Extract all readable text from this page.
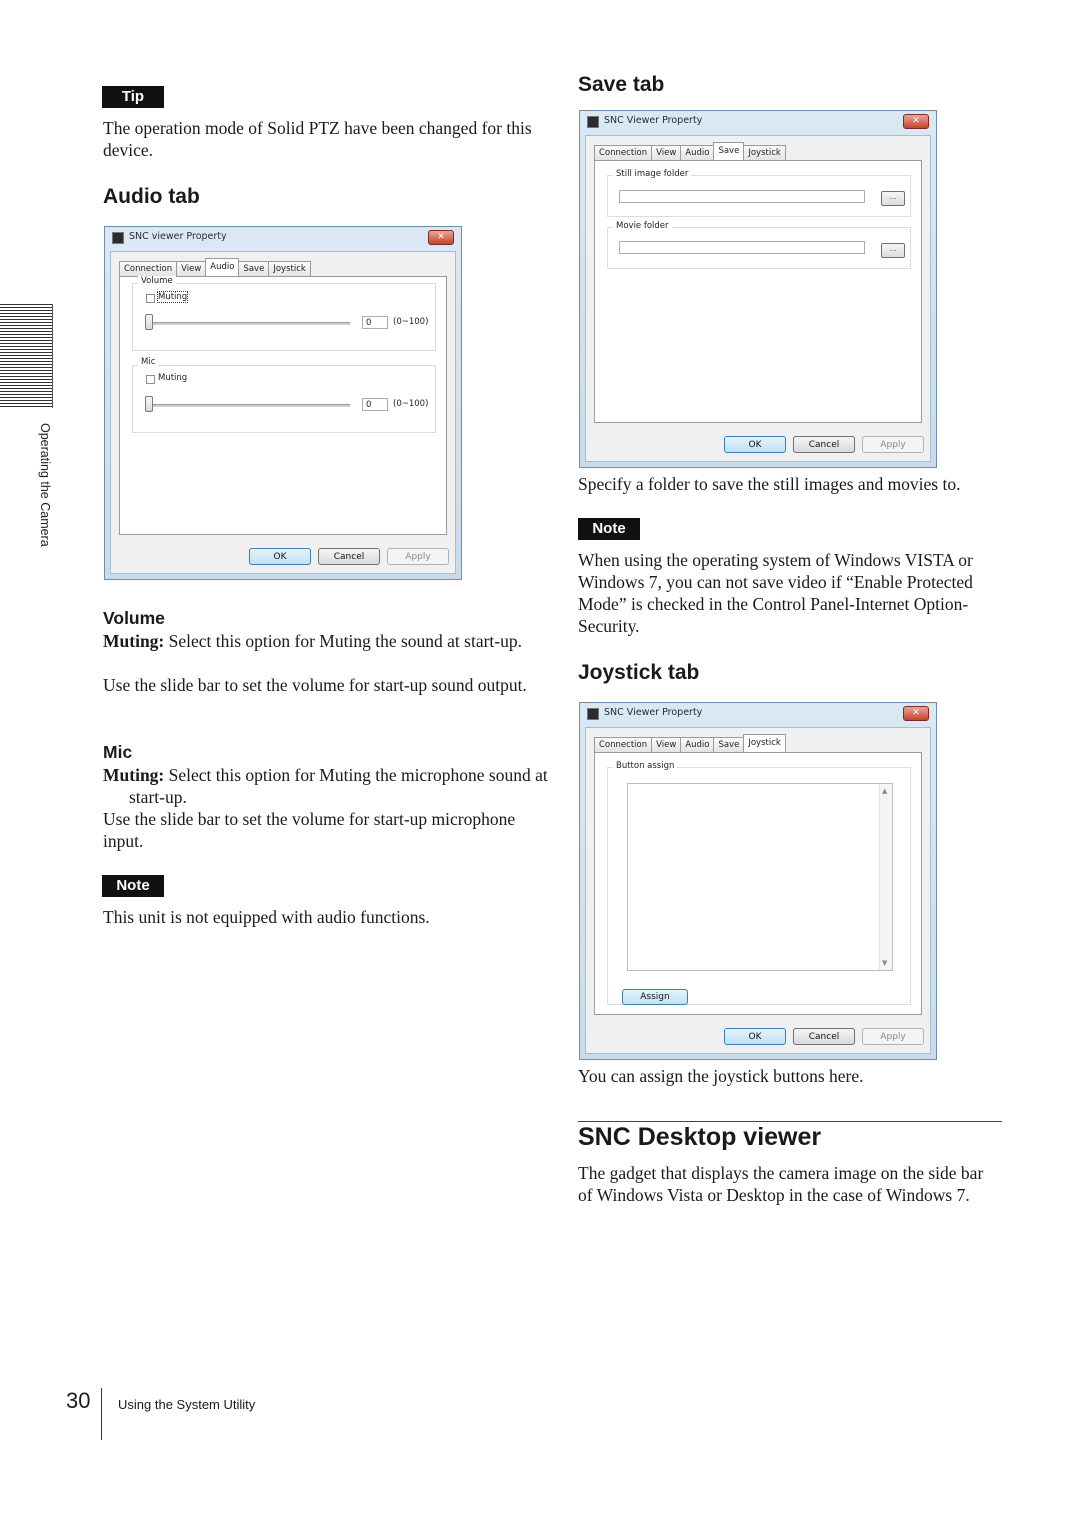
Operating the Camera
Tip
The operation mode of Solid PTZ have been changed for this device.
Audio tab
SNC viewer Property	✕
Connection	View	Audio	Save	Joystick
Volume
Muting
0	(0~100)
Mic
Muting
0	(0~100)
OK	Cancel	Apply
Volume
Muting: Select this option for Muting the sound at start-up.
Use the slide bar to set the volume for start-up sound output.
Mic
Muting: Select this option for Muting the microphone sound at start-up.
Use the slide bar to set the volume for start-up microphone input.
Note
This unit is not equipped with audio functions.
Save tab
SNC Viewer Property	✕
Connection	View	Audio	Save	Joystick
Still image folder
...
Movie folder
...
OK	Cancel	Apply
Specify a folder to save the still images and movies to.
Note
When using the operating system of Windows VISTA or Windows 7, you can not save video if “Enable Protected Mode” is checked in the Control Panel-Internet Option-Security.
Joystick tab
SNC Viewer Property	✕
Connection	View	Audio	Save	Joystick
Button assign
▲
▼
Assign
OK	Cancel	Apply
You can assign the joystick buttons here.
SNC Desktop viewer
The gadget that displays the camera image on the side bar of Windows Vista or Desktop in the case of Windows 7.
30 Using the System Utility
